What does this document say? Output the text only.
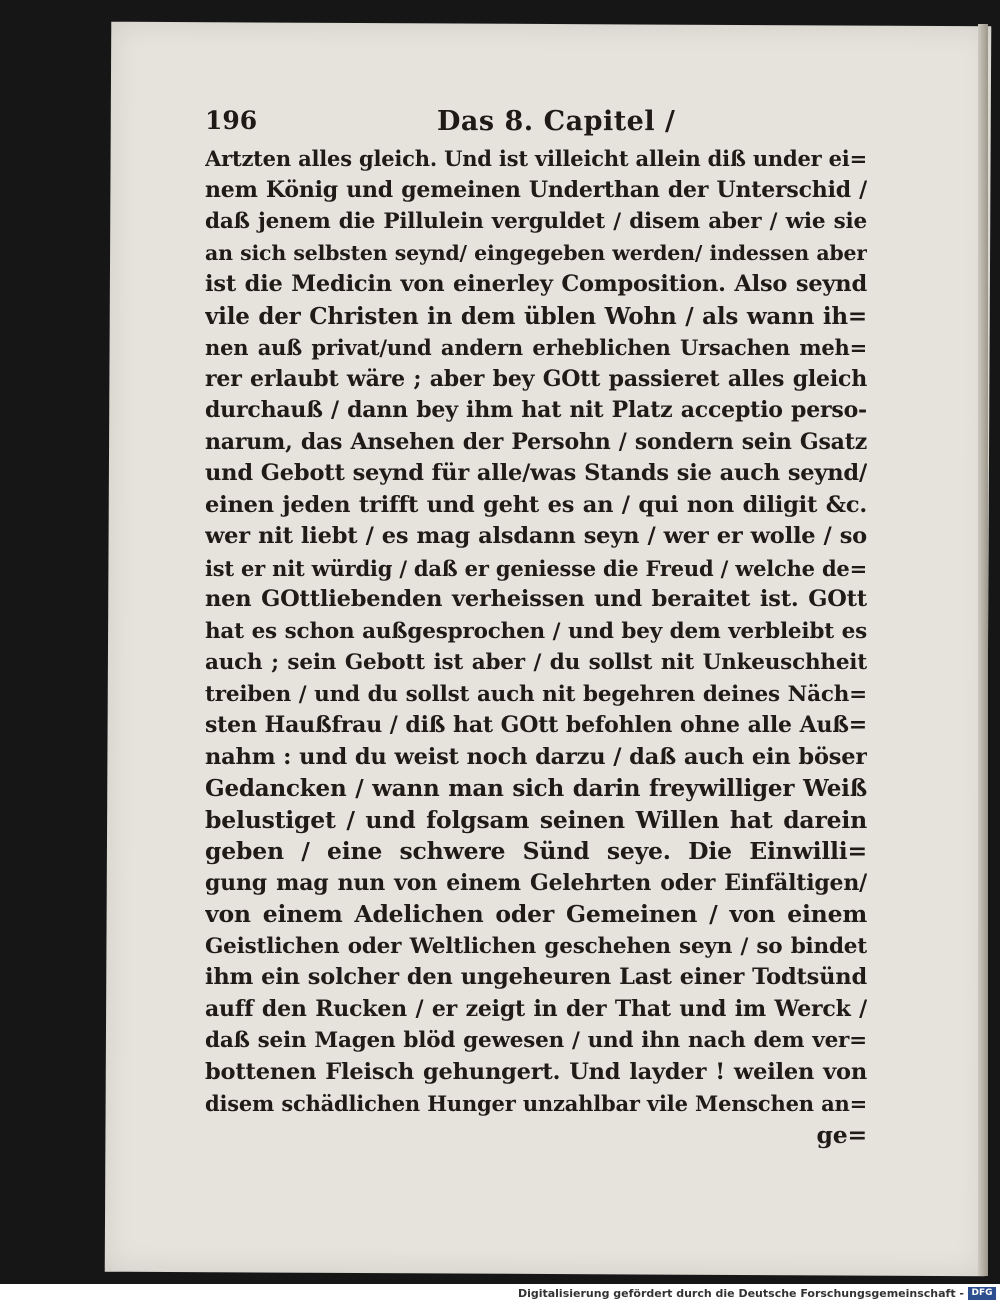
196	Das 8. Capitel /
Artzten alles gleich. Und ist villeicht allein diß under ei=
nem König und gemeinen Underthan der Unterschid /
daß jenem die Pillulein verguldet / disem aber / wie sie
an sich selbsten seynd/ eingegeben werden/ indessen aber
ist die Medicin von einerley Composition. Also seynd
vile der Christen in dem üblen Wohn / als wann ih=
nen auß privat/und andern erheblichen Ursachen meh=
rer erlaubt wäre ; aber bey GOtt passieret alles gleich
durchauß / dann bey ihm hat nit Platz acceptio perso-
narum, das Ansehen der Persohn / sondern sein Gsatz
und Gebott seynd für alle/was Stands sie auch seynd/
einen jeden trifft und geht es an / qui non diligit &c.
wer nit liebt / es mag alsdann seyn / wer er wolle / so
ist er nit würdig / daß er geniesse die Freud / welche de=
nen GOttliebenden verheissen und beraitet ist. GOtt
hat es schon außgesprochen / und bey dem verbleibt es
auch ; sein Gebott ist aber / du sollst nit Unkeuschheit
treiben / und du sollst auch nit begehren deines Näch=
sten Haußfrau / diß hat GOtt befohlen ohne alle Auß=
nahm : und du weist noch darzu / daß auch ein böser
Gedancken / wann man sich darin freywilliger Weiß
belustiget / und folgsam seinen Willen hat darein
geben / eine schwere Sünd seye. Die Einwilli=
gung mag nun von einem Gelehrten oder Einfältigen/
von einem Adelichen oder Gemeinen / von einem
Geistlichen oder Weltlichen geschehen seyn / so bindet
ihm ein solcher den ungeheuren Last einer Todtsünd
auff den Rucken / er zeigt in der That und im Werck /
daß sein Magen blöd gewesen / und ihn nach dem ver=
bottenen Fleisch gehungert. Und layder ! weilen von
disem schädlichen Hunger unzahlbar vile Menschen an=
ge=
Digitalisierung gefördert durch die Deutsche Forschungsgemeinschaft - DFG
